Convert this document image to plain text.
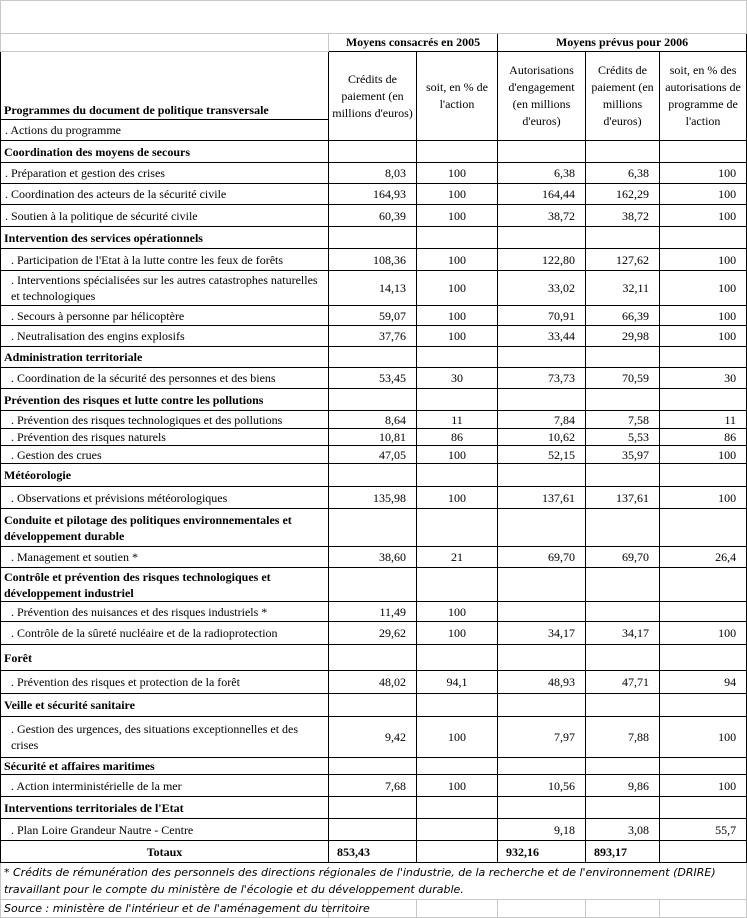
	Moyens consacrés en 2005		Moyens prévus pour 2006		
Programmes du document de politique transversale	Crédits de paiement (en millions d'euros)	soit, en % de l'action	Autorisations d'engagement (en millions d'euros)	Crédits de paiement (en millions d'euros)	soit, en % des autorisations de programme de l'action
. Actions du programme					
Coordination des moyens de secours					
. Préparation et gestion des crises	8,03	100	6,38	6,38	100
. Coordination des acteurs de la sécurité civile	164,93	100	164,44	162,29	100
. Soutien à la politique de sécurité civile	60,39	100	38,72	38,72	100
Intervention des services opérationnels					
. Participation de l'Etat à la lutte contre les feux de forêts	108,36	100	122,80	127,62	100
. Interventions spécialisées sur les autres catastrophes naturelles et technologiques	14,13	100	33,02	32,11	100
. Secours à personne par hélicoptère	59,07	100	70,91	66,39	100
. Neutralisation des engins explosifs	37,76	100	33,44	29,98	100
Administration territoriale					
. Coordination de la sécurité des personnes et des biens	53,45	30	73,73	70,59	30
Prévention des risques et lutte contre les pollutions					
. Prévention des risques technologiques et des pollutions	8,64	11	7,84	7,58	11
. Prévention des risques naturels	10,81	86	10,62	5,53	86
. Gestion des crues	47,05	100	52,15	35,97	100
Météorologie					
. Observations et prévisions météorologiques	135,98	100	137,61	137,61	100
Conduite et pilotage des politiques environnementales et développement durable					
. Management et soutien *	38,60	21	69,70	69,70	26,4
Contrôle et prévention des risques technologiques et développement industriel					
. Prévention des nuisances et des risques industriels *	11,49	100			
. Contrôle de la sûreté nucléaire et de la radioprotection	29,62	100	34,17	34,17	100
Forêt					
. Prévention des risques et protection de la forêt	48,02	94,1	48,93	47,71	94
Veille et sécurité sanitaire					
. Gestion des urgences, des situations exceptionnelles et des crises	9,42	100	7,97	7,88	100
Sécurité et affaires maritimes					
. Action interministérielle de la mer	7,68	100	10,56	9,86	100
Interventions territoriales de l'Etat					
. Plan Loire Grandeur Nautre - Centre			9,18	3,08	55,7
Totaux	853,43		932,16	893,17	
* Crédits de rémunération des personnels des directions régionales de l'industrie, de la recherche et de l'environnement (DRIRE) travaillant pour le compte du ministère de l'écologie et du développement durable.					
Source : ministère de l'intérieur et de l'aménagement du territoire					
